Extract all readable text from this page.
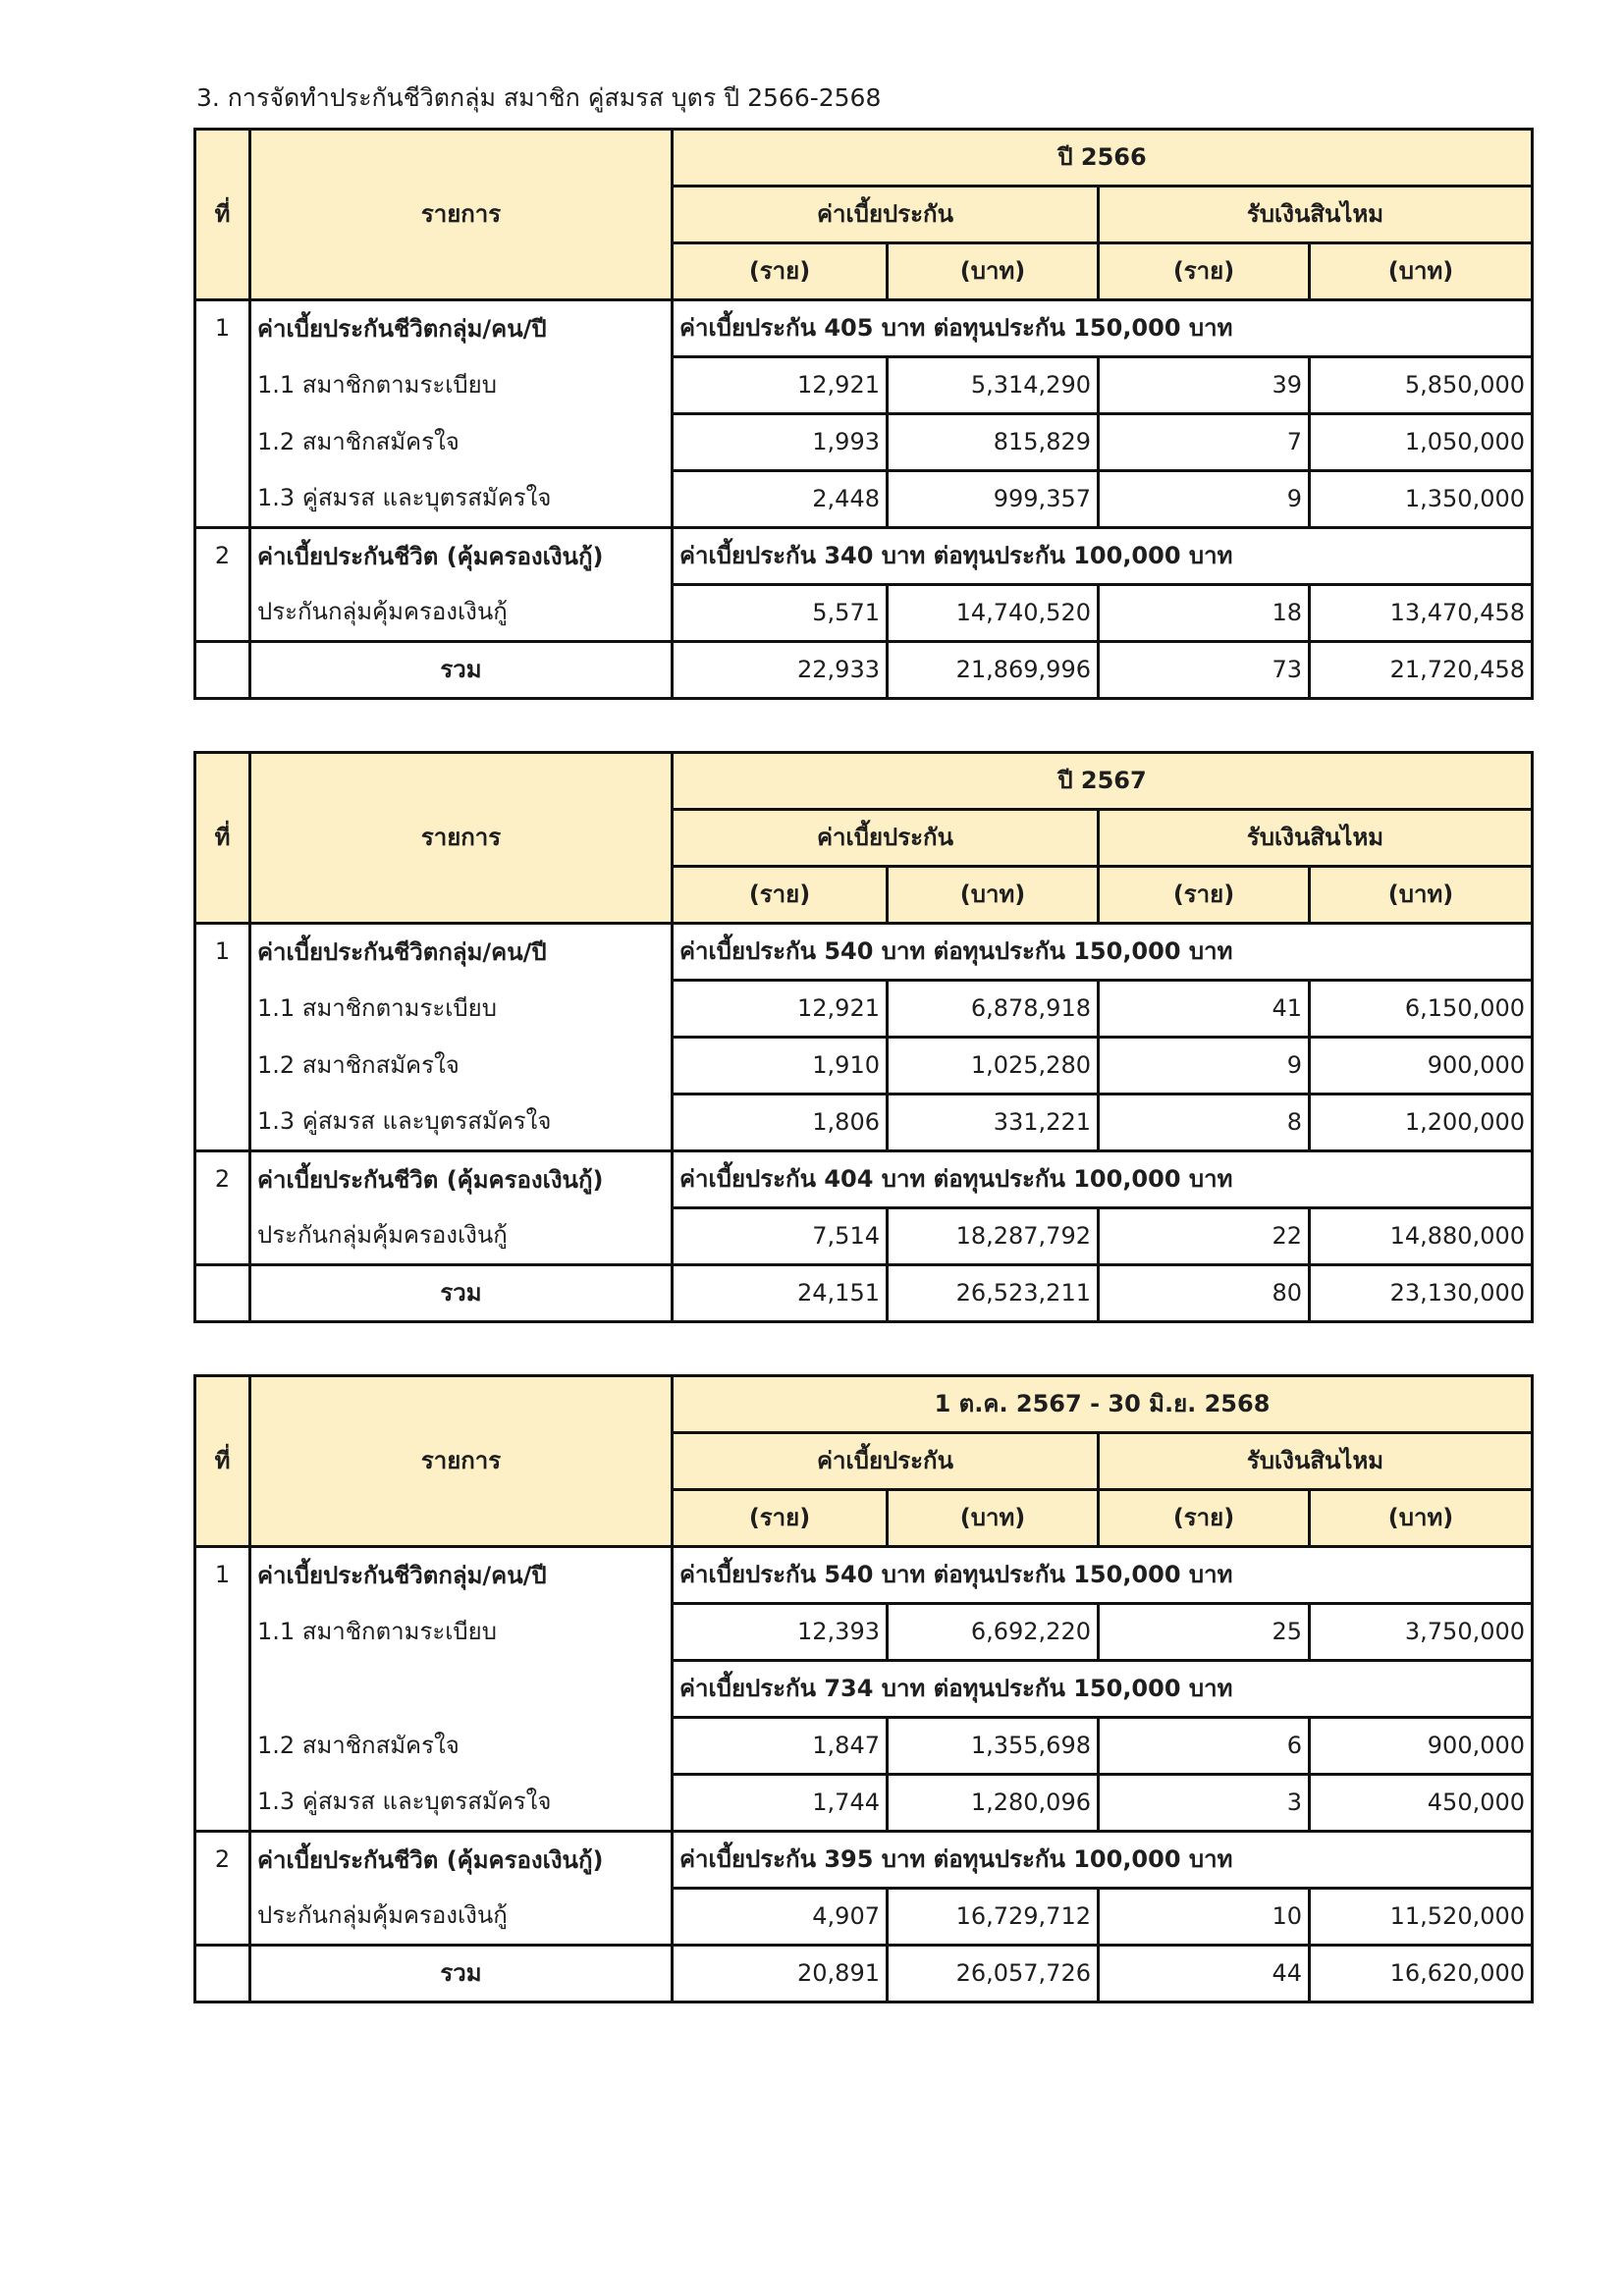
3. การจัดทำประกันชีวิตกลุ่ม สมาชิก คู่สมรส บุตร ปี 2566-2568
ที่	รายการ	ปี 2566			
		ค่าเบี้ยประกัน		รับเงินสินไหม	
		(ราย)	(บาท)	(ราย)	(บาท)
1	ค่าเบี้ยประกันชีวิตกลุ่ม/คน/ปี	ค่าเบี้ยประกัน 405 บาท ต่อทุนประกัน 150,000 บาท			
	1.1 สมาชิกตามระเบียบ	12,921	5,314,290	39	5,850,000
	1.2 สมาชิกสมัครใจ	1,993	815,829	7	1,050,000
	1.3 คู่สมรส และบุตรสมัครใจ	2,448	999,357	9	1,350,000
2	ค่าเบี้ยประกันชีวิต (คุ้มครองเงินกู้)	ค่าเบี้ยประกัน 340 บาท ต่อทุนประกัน 100,000 บาท			
	ประกันกลุ่มคุ้มครองเงินกู้	5,571	14,740,520	18	13,470,458
	รวม	22,933	21,869,996	73	21,720,458
ที่	รายการ	ปี 2567			
		ค่าเบี้ยประกัน		รับเงินสินไหม	
		(ราย)	(บาท)	(ราย)	(บาท)
1	ค่าเบี้ยประกันชีวิตกลุ่ม/คน/ปี	ค่าเบี้ยประกัน 540 บาท ต่อทุนประกัน 150,000 บาท			
	1.1 สมาชิกตามระเบียบ	12,921	6,878,918	41	6,150,000
	1.2 สมาชิกสมัครใจ	1,910	1,025,280	9	900,000
	1.3 คู่สมรส และบุตรสมัครใจ	1,806	331,221	8	1,200,000
2	ค่าเบี้ยประกันชีวิต (คุ้มครองเงินกู้)	ค่าเบี้ยประกัน 404 บาท ต่อทุนประกัน 100,000 บาท			
	ประกันกลุ่มคุ้มครองเงินกู้	7,514	18,287,792	22	14,880,000
	รวม	24,151	26,523,211	80	23,130,000
ที่	รายการ	1 ต.ค. 2567 - 30 มิ.ย. 2568			
		ค่าเบี้ยประกัน		รับเงินสินไหม	
		(ราย)	(บาท)	(ราย)	(บาท)
1	ค่าเบี้ยประกันชีวิตกลุ่ม/คน/ปี	ค่าเบี้ยประกัน 540 บาท ต่อทุนประกัน 150,000 บาท			
	1.1 สมาชิกตามระเบียบ	12,393	6,692,220	25	3,750,000
		ค่าเบี้ยประกัน 734 บาท ต่อทุนประกัน 150,000 บาท			
	1.2 สมาชิกสมัครใจ	1,847	1,355,698	6	900,000
	1.3 คู่สมรส และบุตรสมัครใจ	1,744	1,280,096	3	450,000
2	ค่าเบี้ยประกันชีวิต (คุ้มครองเงินกู้)	ค่าเบี้ยประกัน 395 บาท ต่อทุนประกัน 100,000 บาท			
	ประกันกลุ่มคุ้มครองเงินกู้	4,907	16,729,712	10	11,520,000
	รวม	20,891	26,057,726	44	16,620,000
